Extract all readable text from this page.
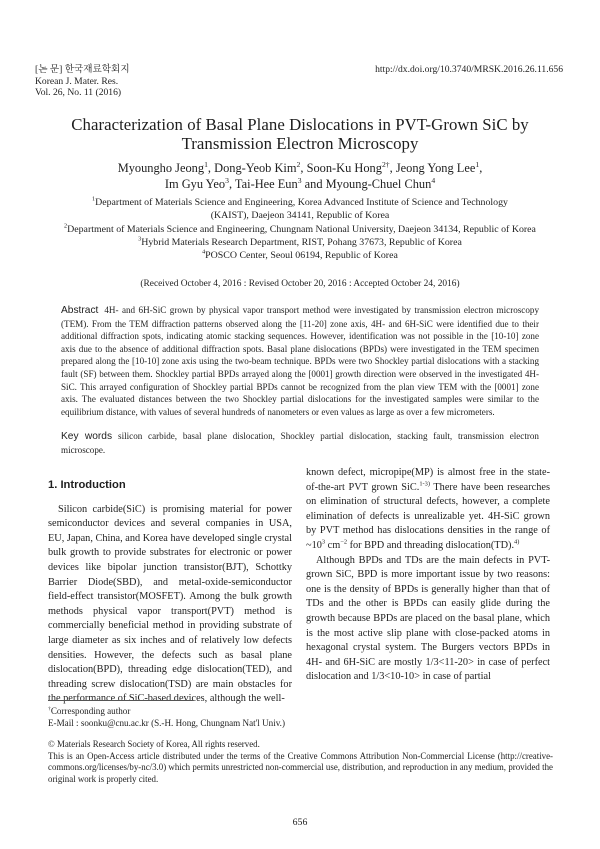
[논 문] 한국재료학회지
Korean J. Mater. Res.
Vol. 26, No. 11 (2016)
http://dx.doi.org/10.3740/MRSK.2016.26.11.656
Characterization of Basal Plane Dislocations in PVT-Grown SiC by Transmission Electron Microscopy
Myoungho Jeong$^1$, Dong-Yeob Kim$^2$, Soon-Ku Hong$^{2\dagger}$, Jeong Yong Lee$^1$,
Im Gyu Yeo$^3$, Tai-Hee Eun$^3$ and Myoung-Chuel Chun$^4$
$^1$Department of Materials Science and Engineering, Korea Advanced Institute of Science and Technology
(KAIST), Daejeon 34141, Republic of Korea
$^2$Department of Materials Science and Engineering, Chungnam National University, Daejeon 34134, Republic of Korea
$^3$Hybrid Materials Research Department, RIST, Pohang 37673, Republic of Korea
$^4$POSCO Center, Seoul 06194, Republic of Korea
(Received October 4, 2016 : Revised October 20, 2016 : Accepted October 24, 2016)
Abstract 4H- and 6H-SiC grown by physical vapor transport method were investigated by transmission electron microscopy (TEM). From the TEM diffraction patterns observed along the [11-20] zone axis, 4H- and 6H-SiC were identified due to their additional diffraction spots, indicating atomic stacking sequences. However, identification was not possible in the [10-10] zone axis due to the absence of additional diffraction spots. Basal plane dislocations (BPDs) were investigated in the TEM specimen prepared along the [10-10] zone axis using the two-beam technique. BPDs were two Shockley partial dislocations with a stacking fault (SF) between them. Shockley partial BPDs arrayed along the [0001] growth direction were observed in the investigated 4H-SiC. This arrayed configuration of Shockley partial BPDs cannot be recognized from the plan view TEM with the [0001] zone axis. The evaluated distances between the two Shockley partial dislocations for the investigated samples were similar to the equilibrium distance, with values of several hundreds of nanometers or even values as large as over a few micrometers.
Key words silicon carbide, basal plane dislocation, Shockley partial dislocation, stacking fault, transmission electron microscope.
1. Introduction

Silicon carbide(SiC) is promising material for power semiconductor devices and several companies in USA, EU, Japan, China, and Korea have developed single crystal bulk growth to provide substrates for electronic or power devices like bipolar junction transistor(BJT), Schottky Barrier Diode(SBD), and metal-oxide-semiconductor field-effect transistor(MOSFET). Among the bulk growth methods physical vapor transport(PVT) method is commercially beneficial method in providing substrate of large diameter as six inches and of relatively low defects densities. However, the defects such as basal plane dislocation(BPD), threading edge dislocation(TED), and threading screw dislocation(TSD) are main obstacles for the performance of SiC-based devices, although the well-

known defect, micropipe(MP) is almost free in the state-of-the-art PVT grown SiC.$^{1-3)}$ There have been researches on elimination of structural defects, however, a complete elimination of defects is unrealizable yet. 4H-SiC grown by PVT method has dislocations densities in the range of $\sim 10^3$ $cm^{-2}$ for BPD and threading dislocation(TD).$^{4)}$

Although BPDs and TDs are the main defects in PVT-grown SiC, BPD is more important issue by two reasons: one is the density of BPDs is generally higher than that of TDs and the other is BPDs can easily glide during the growth because BPDs are placed on the basal plane, which is the most active slip plane with close-packed atoms in hexagonal crystal system. The Burgers vectors BPDs in 4H- and 6H-SiC are mostly 1/3<11-20> in case of perfect dislocation and 1/3<10-10> in case of partial

†Corresponding author
E-Mail : soonku@cnu.ac.kr (S.-H. Hong, Chungnam Nat'l Univ.)
© Materials Research Society of Korea, All rights reserved.
This is an Open-Access article distributed under the terms of the Creative Commons Attribution Non-Commercial License (http://creative-commons.org/licenses/by-nc/3.0) which permits unrestricted non-commercial use, distribution, and reproduction in any medium, provided the original work is properly cited.
656
